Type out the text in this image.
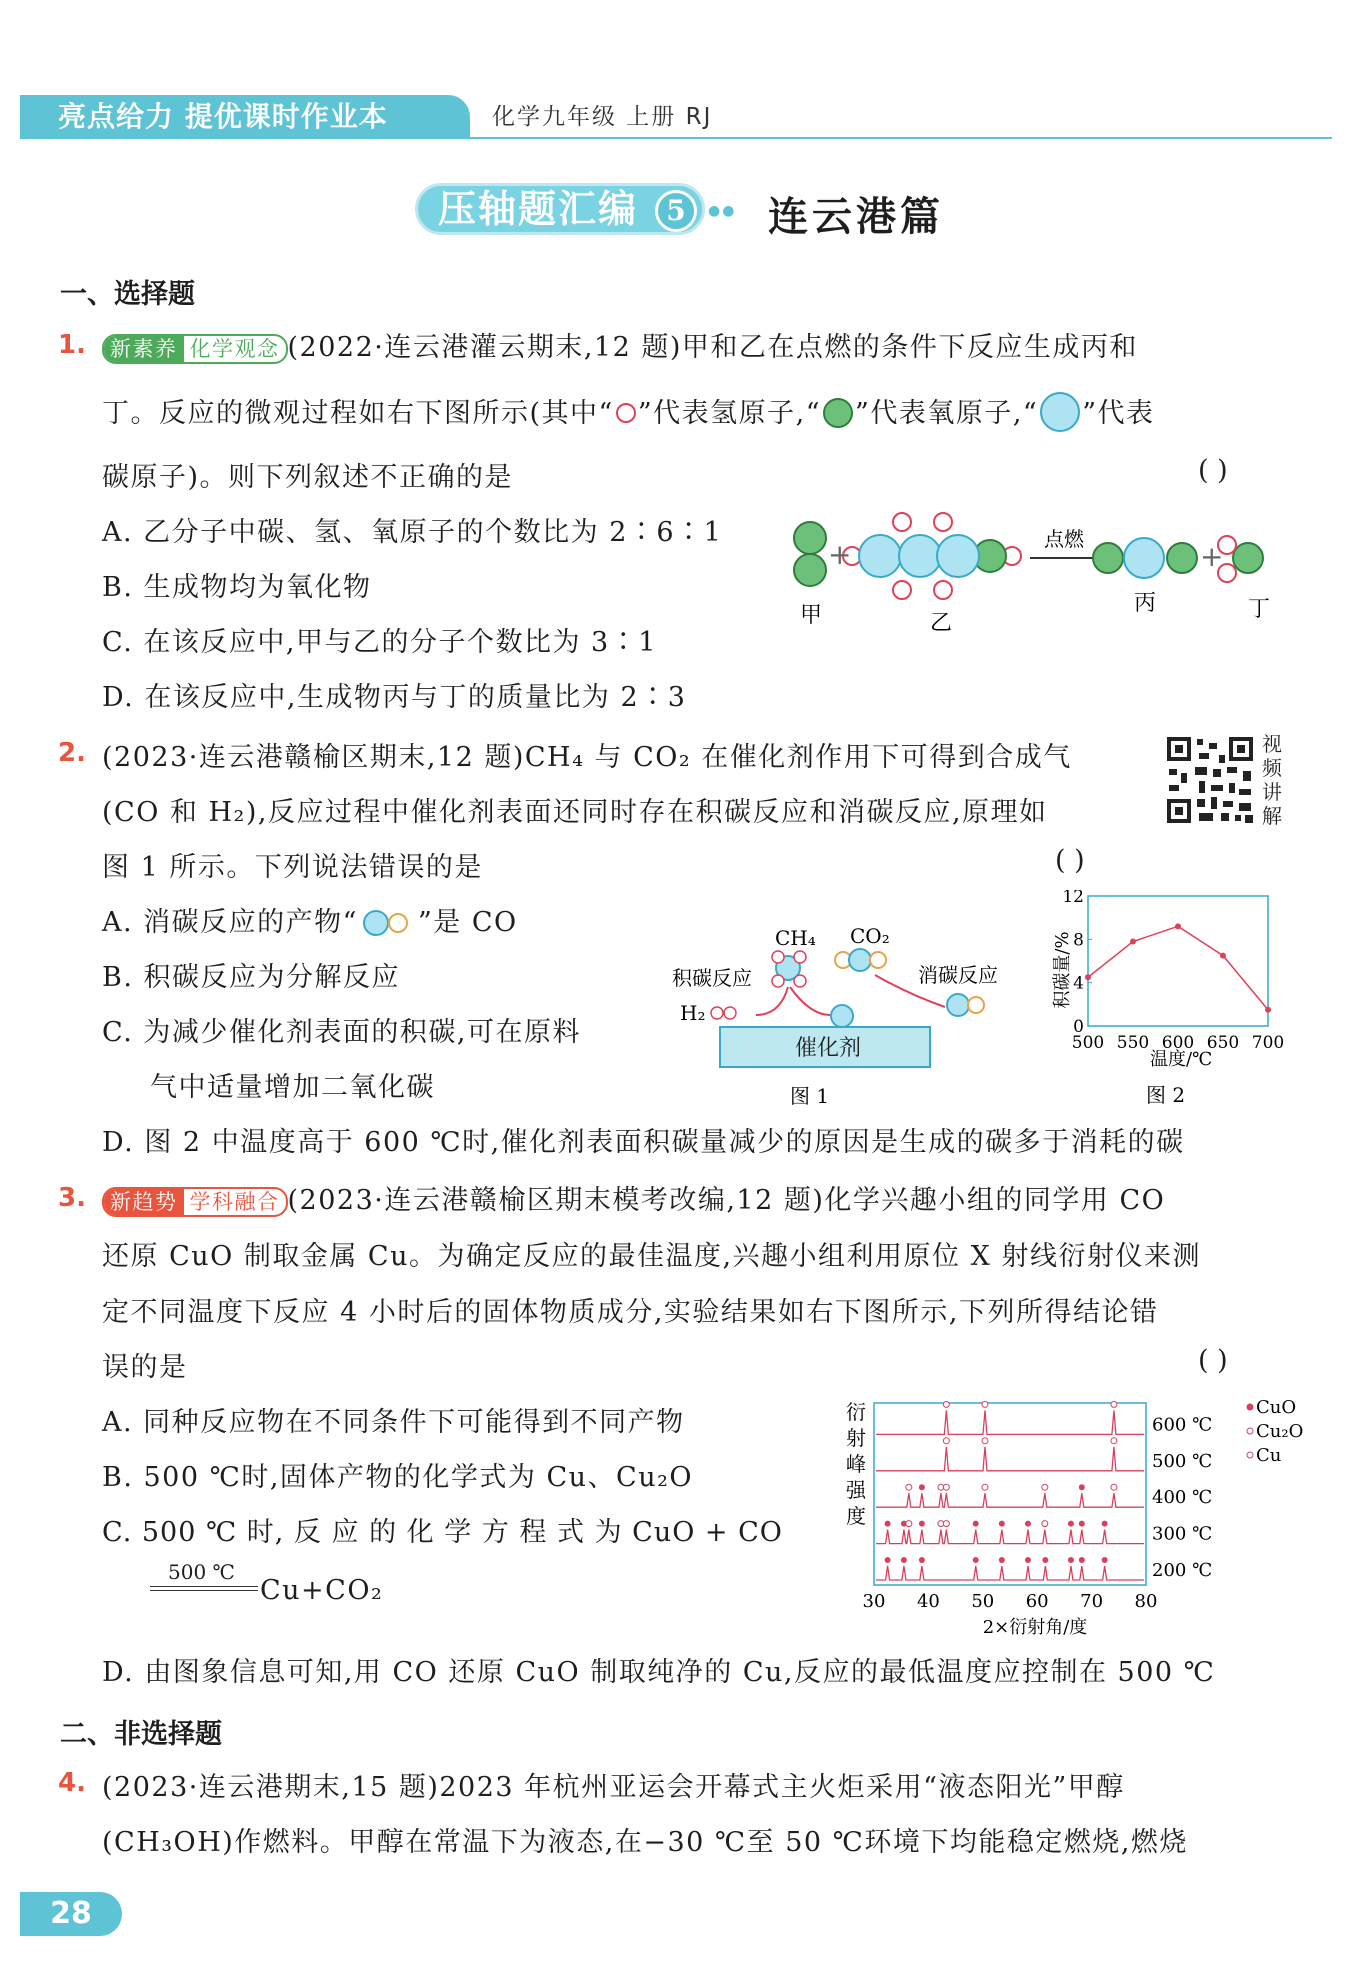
亮点给力 提优课时作业本	化学九年级 上册 RJ
压轴题汇编	5	●● 连云港篇
一、选择题
1.	新素养 化学观念 (2022·连云港灌云期末,12 题)甲和乙在点燃的条件下反应生成丙和
丁。反应的微观过程如右下图所示(其中“ ”代表氢原子,“ ”代表氧原子,“ ”代表
碳原子)。则下列叙述不正确的是	( )
A. 乙分子中碳、氢、氧原子的个数比为 2∶6∶1
B. 生成物均为氧化物
C. 在该反应中,甲与乙的分子个数比为 3∶1
D. 在该反应中,生成物丙与丁的质量比为 2∶3
+	+
点燃
甲	乙
丙	丁
2. (2023·连云港赣榆区期末,12 题)CH₄ 与 CO₂ 在催化剂作用下可得到合成气
(CO 和 H₂),反应过程中催化剂表面还同时存在积碳反应和消碳反应,原理如
图 1 所示。下列说法错误的是	( )
视
频
讲
解
A. 消碳反应的产物“ ”是 CO
B. 积碳反应为分解反应
C. 为减少催化剂表面的积碳,可在原料
气中适量增加二氧化碳
D. 图 2 中温度高于 600 ℃时,催化剂表面积碳量减少的原因是生成的碳多于消耗的碳
催化剂
CH₄ CO₂
积碳反应	消碳反应
H₂
图 1
0
4
8
12
500 550 600 650 700
温度/℃
积碳量/%
图 2
3.	新趋势 学科融合 (2023·连云港赣榆区期末模考改编,12 题)化学兴趣小组的同学用 CO
还原 CuO 制取金属 Cu。为确定反应的最佳温度,兴趣小组利用原位 X 射线衍射仪来测
定不同温度下反应 4 小时后的固体物质成分,实验结果如右下图所示,下列所得结论错
误的是	( )
A. 同种反应物在不同条件下可能得到不同产物
B. 500 ℃时,固体产物的化学式为 Cu、Cu₂O
C. 500 ℃ 时, 反 应 的 化 学 方 程 式 为 CuO + CO
500 ℃
Cu+CO₂
D. 由图象信息可知,用 CO 还原 CuO 制取纯净的 Cu,反应的最低温度应控制在 500 ℃
衍
射
峰
强
度
600 ℃
500 ℃
400 ℃
300 ℃
200 ℃
30 40 50 60 70 80
2×衍射角/度
CuO
Cu₂O
Cu
二、非选择题
4. (2023·连云港期末,15 题)2023 年杭州亚运会开幕式主火炬采用“液态阳光”甲醇
(CH₃OH)作燃料。甲醇在常温下为液态,在−30 ℃至 50 ℃环境下均能稳定燃烧,燃烧
28
